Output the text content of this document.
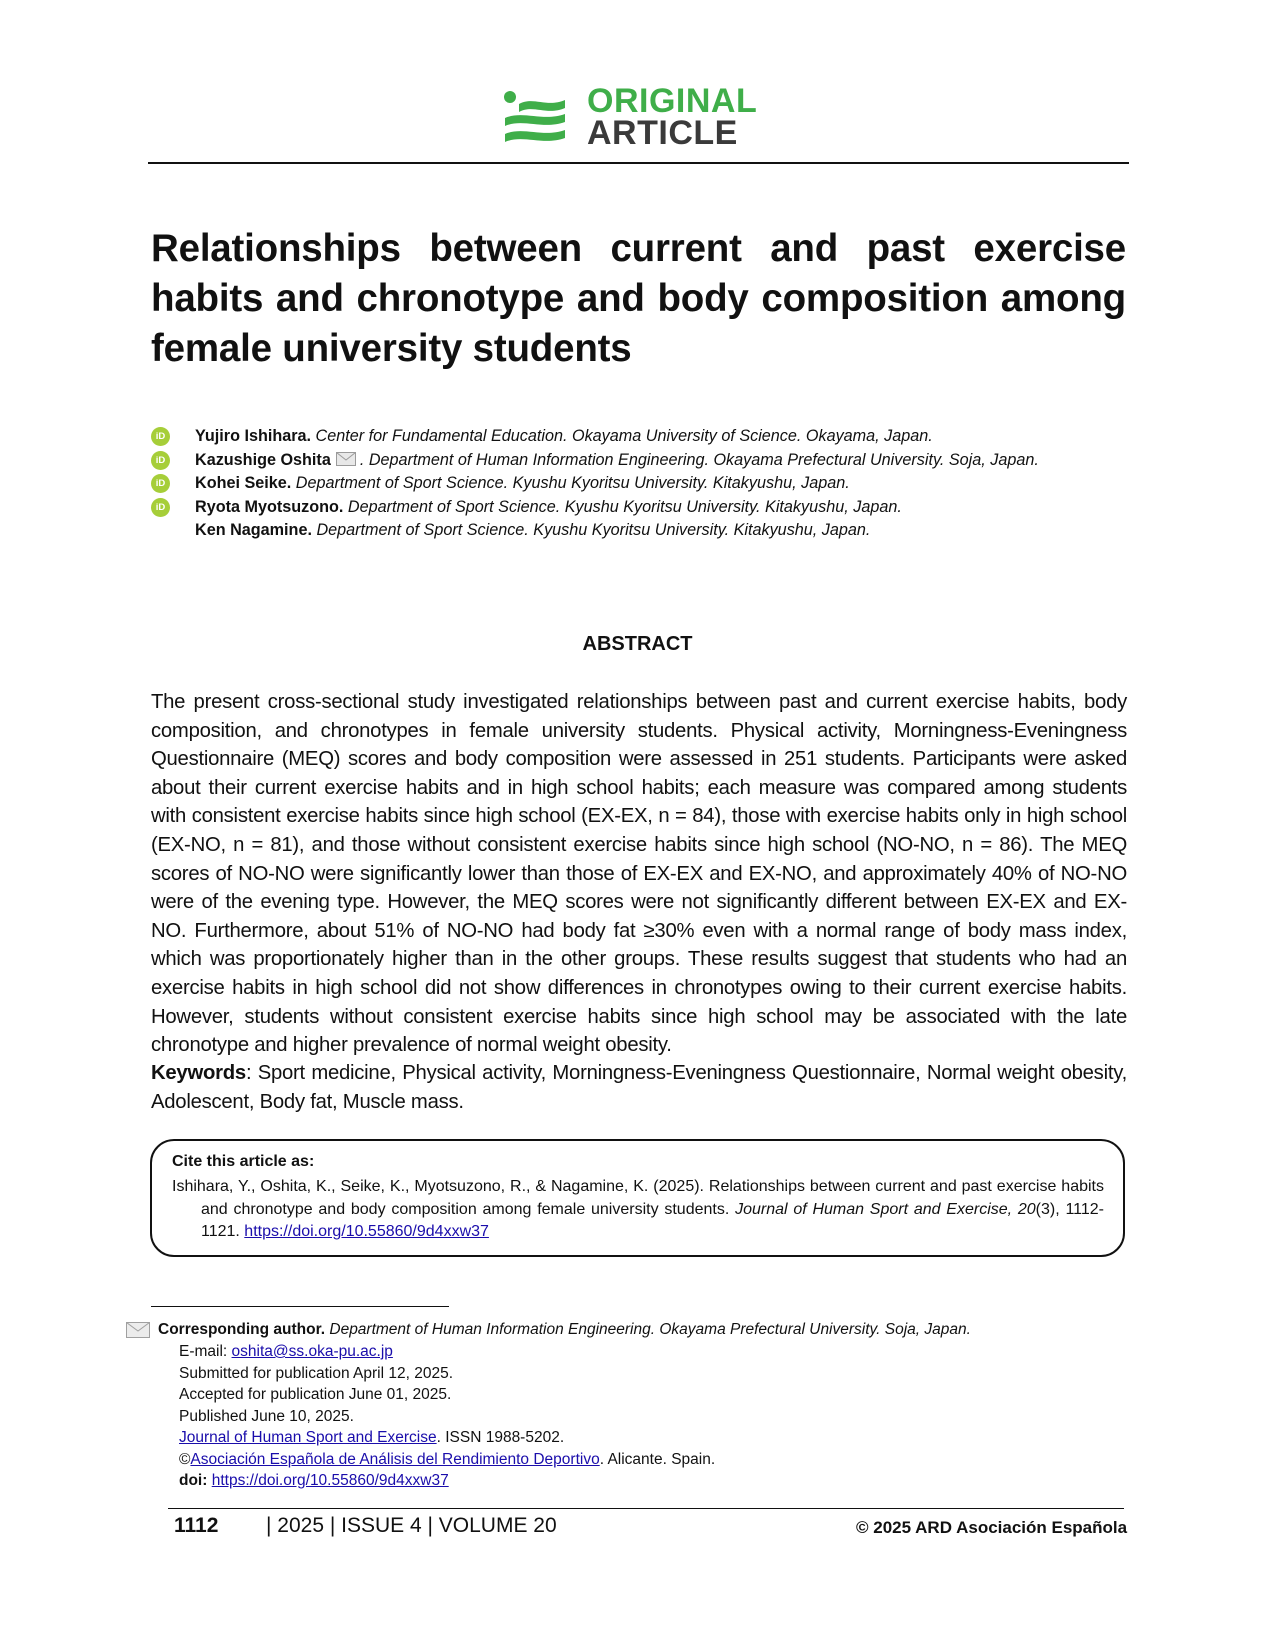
ORIGINAL
ARTICLE
Relationships between current and past exercise habits and chronotype and body composition among female university students
iD Yujiro Ishihara. Center for Fundamental Education. Okayama University of Science. Okayama, Japan.
iD Kazushige Oshita . Department of Human Information Engineering. Okayama Prefectural University. Soja, Japan.
iD Kohei Seike. Department of Sport Science. Kyushu Kyoritsu University. Kitakyushu, Japan.
iD Ryota Myotsuzono. Department of Sport Science. Kyushu Kyoritsu University. Kitakyushu, Japan.
Ken Nagamine. Department of Sport Science. Kyushu Kyoritsu University. Kitakyushu, Japan.
ABSTRACT
The present cross-sectional study investigated relationships between past and current exercise habits, body composition, and chronotypes in female university students. Physical activity, Morningness-Eveningness Questionnaire (MEQ) scores and body composition were assessed in 251 students. Participants were asked about their current exercise habits and in high school habits; each measure was compared among students with consistent exercise habits since high school (EX-EX, n = 84), those with exercise habits only in high school (EX-NO, n = 81), and those without consistent exercise habits since high school (NO-NO, n = 86). The MEQ scores of NO-NO were significantly lower than those of EX-EX and EX-NO, and approximately 40% of NO-NO were of the evening type. However, the MEQ scores were not significantly different between EX-EX and EX-NO. Furthermore, about 51% of NO-NO had body fat ≥30% even with a normal range of body mass index, which was proportionately higher than in the other groups. These results suggest that students who had an exercise habits in high school did not show differences in chronotypes owing to their current exercise habits. However, students without consistent exercise habits since high school may be associated with the late chronotype and higher prevalence of normal weight obesity.
Keywords: Sport medicine, Physical activity, Morningness-Eveningness Questionnaire, Normal weight obesity, Adolescent, Body fat, Muscle mass.
Cite this article as:
Ishihara, Y., Oshita, K., Seike, K., Myotsuzono, R., & Nagamine, K. (2025). Relationships between current and past exercise habits and chronotype and body composition among female university students. Journal of Human Sport and Exercise, 20(3), 1112-1121. https://doi.org/10.55860/9d4xxw37
Corresponding author. Department of Human Information Engineering. Okayama Prefectural University. Soja, Japan.
E-mail: oshita@ss.oka-pu.ac.jp
Submitted for publication April 12, 2025.
Accepted for publication June 01, 2025.
Published June 10, 2025.
Journal of Human Sport and Exercise. ISSN 1988-5202.
©Asociación Española de Análisis del Rendimiento Deportivo. Alicante. Spain.
doi: https://doi.org/10.55860/9d4xxw37
1112 | 2025 | ISSUE 4 | VOLUME 20	© 2025 ARD Asociación Española
